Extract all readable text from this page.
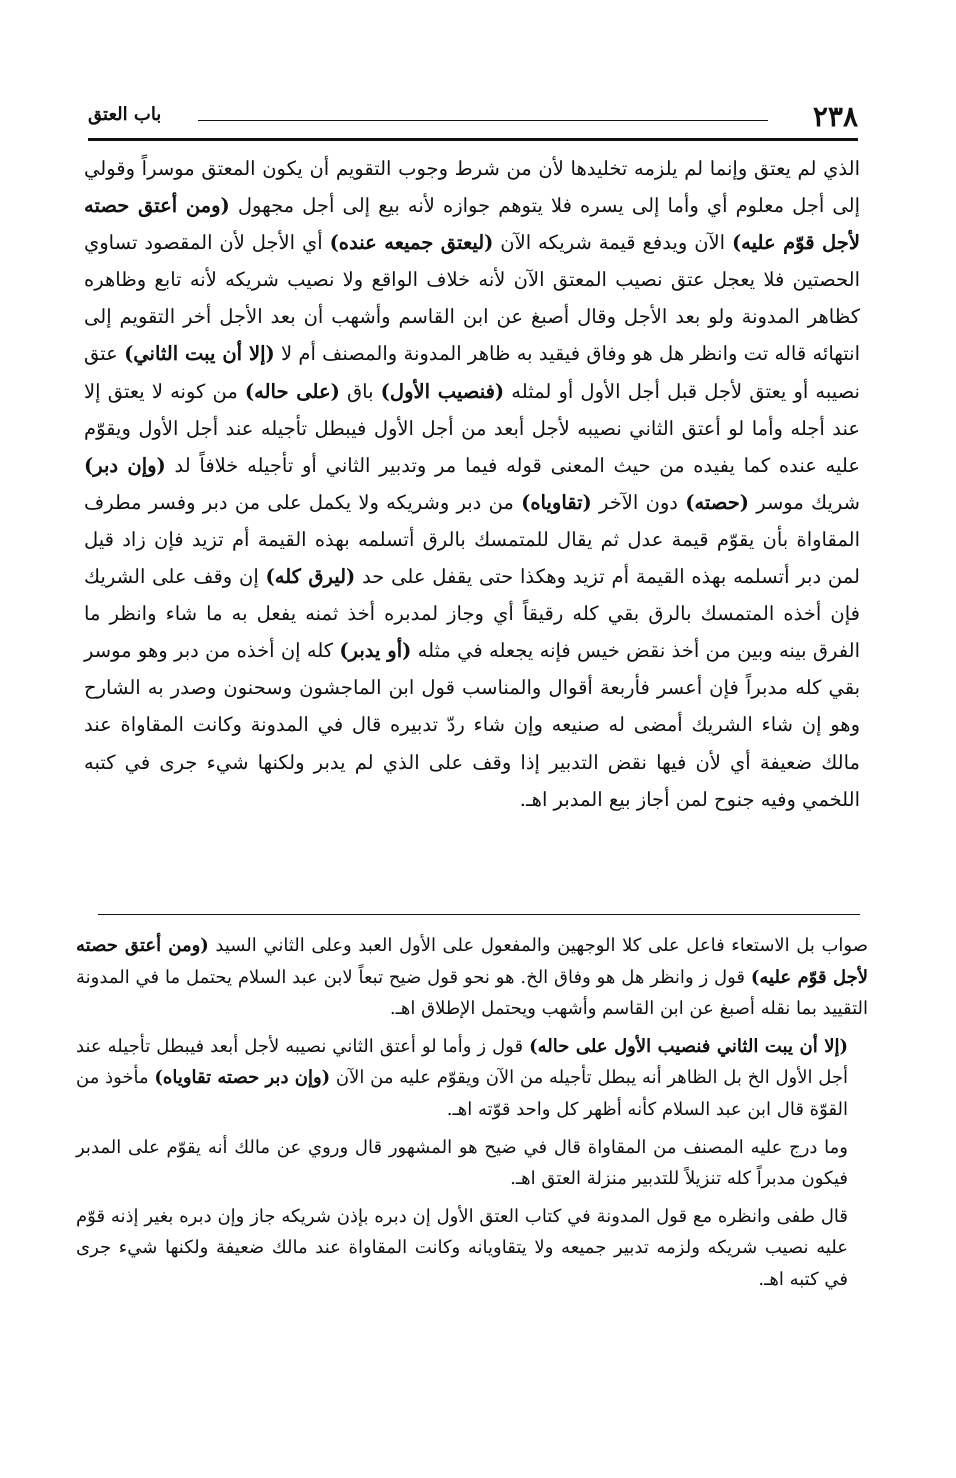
٢٣٨
باب العتق

الذي لم يعتق وإنما لم يلزمه تخليدها لأن من شرط وجوب التقويم أن يكون المعتق موسراً وقولي إلى أجل معلوم أي وأما إلى يسره فلا يتوهم جوازه لأنه بيع إلى أجل مجهول (ومن أعتق حصته لأجل قوّم عليه) الآن ويدفع قيمة شريكه الآن (ليعتق جميعه عنده) أي الأجل لأن المقصود تساوي الحصتين فلا يعجل عتق نصيب المعتق الآن لأنه خلاف الواقع ولا نصيب شريكه لأنه تابع وظاهره كظاهر المدونة ولو بعد الأجل وقال أصبغ عن ابن القاسم وأشهب أن بعد الأجل أخر التقويم إلى انتهائه قاله تت وانظر هل هو وفاق فيقيد به ظاهر المدونة والمصنف أم لا (إلا أن يبت الثاني) عتق نصيبه أو يعتق لأجل قبل أجل الأول أو لمثله (فنصيب الأول) باق (على حاله) من كونه لا يعتق إلا عند أجله وأما لو أعتق الثاني نصيبه لأجل أبعد من أجل الأول فيبطل تأجيله عند أجل الأول ويقوّم عليه عنده كما يفيده من حيث المعنى قوله فيما مر وتدبير الثاني أو تأجيله خلافاً لد (وإن دبر) شريك موسر (حصته) دون الآخر (تقاوياه) من دبر وشريكه ولا يكمل على من دبر وفسر مطرف المقاواة بأن يقوّم قيمة عدل ثم يقال للمتمسك بالرق أتسلمه بهذه القيمة أم تزيد فإن زاد قيل لمن دبر أتسلمه بهذه القيمة أم تزيد وهكذا حتى يقفل على حد (ليرق كله) إن وقف على الشريك فإن أخذه المتمسك بالرق بقي كله رقيقاً أي وجاز لمدبره أخذ ثمنه يفعل به ما شاء وانظر ما الفرق بينه وبين من أخذ نقض خيس فإنه يجعله في مثله (أو يدبر) كله إن أخذه من دبر وهو موسر بقي كله مدبراً فإن أعسر فأربعة أقوال والمناسب قول ابن الماجشون وسحنون وصدر به الشارح وهو إن شاء الشريك أمضى له صنيعه وإن شاء ردّ تدبيره قال في المدونة وكانت المقاواة عند مالك ضعيفة أي لأن فيها نقض التدبير إذا وقف على الذي لم يدبر ولكنها شيء جرى في كتبه اللخمي وفيه جنوح لمن أجاز بيع المدبر اهـ.

صواب بل الاستعاء فاعل على كلا الوجهين والمفعول على الأول العبد وعلى الثاني السيد (ومن أعتق حصته لأجل قوّم عليه) قول ز وانظر هل هو وفاق الخ. هو نحو قول ضيح تبعاً لابن عبد السلام يحتمل ما في المدونة التقييد بما نقله أصبغ عن ابن القاسم وأشهب ويحتمل الإطلاق اهـ.

(إلا أن يبت الثاني فنصيب الأول على حاله) قول ز وأما لو أعتق الثاني نصيبه لأجل أبعد فيبطل تأجيله عند أجل الأول الخ بل الظاهر أنه يبطل تأجيله من الآن ويقوّم عليه من الآن (وإن دبر حصته تقاوياه) مأخوذ من القوّة قال ابن عبد السلام كأنه أظهر كل واحد قوّته اهـ.

وما درج عليه المصنف من المقاواة قال في ضيح هو المشهور قال وروي عن مالك أنه يقوّم على المدبر فيكون مدبراً كله تنزيلاً للتدبير منزلة العتق اهـ.

قال طفى وانظره مع قول المدونة في كتاب العتق الأول إن دبره بإذن شريكه جاز وإن دبره بغير إذنه قوّم عليه نصيب شريكه ولزمه تدبير جميعه ولا يتقاويانه وكانت المقاواة عند مالك ضعيفة ولكنها شيء جرى في كتبه اهـ.
